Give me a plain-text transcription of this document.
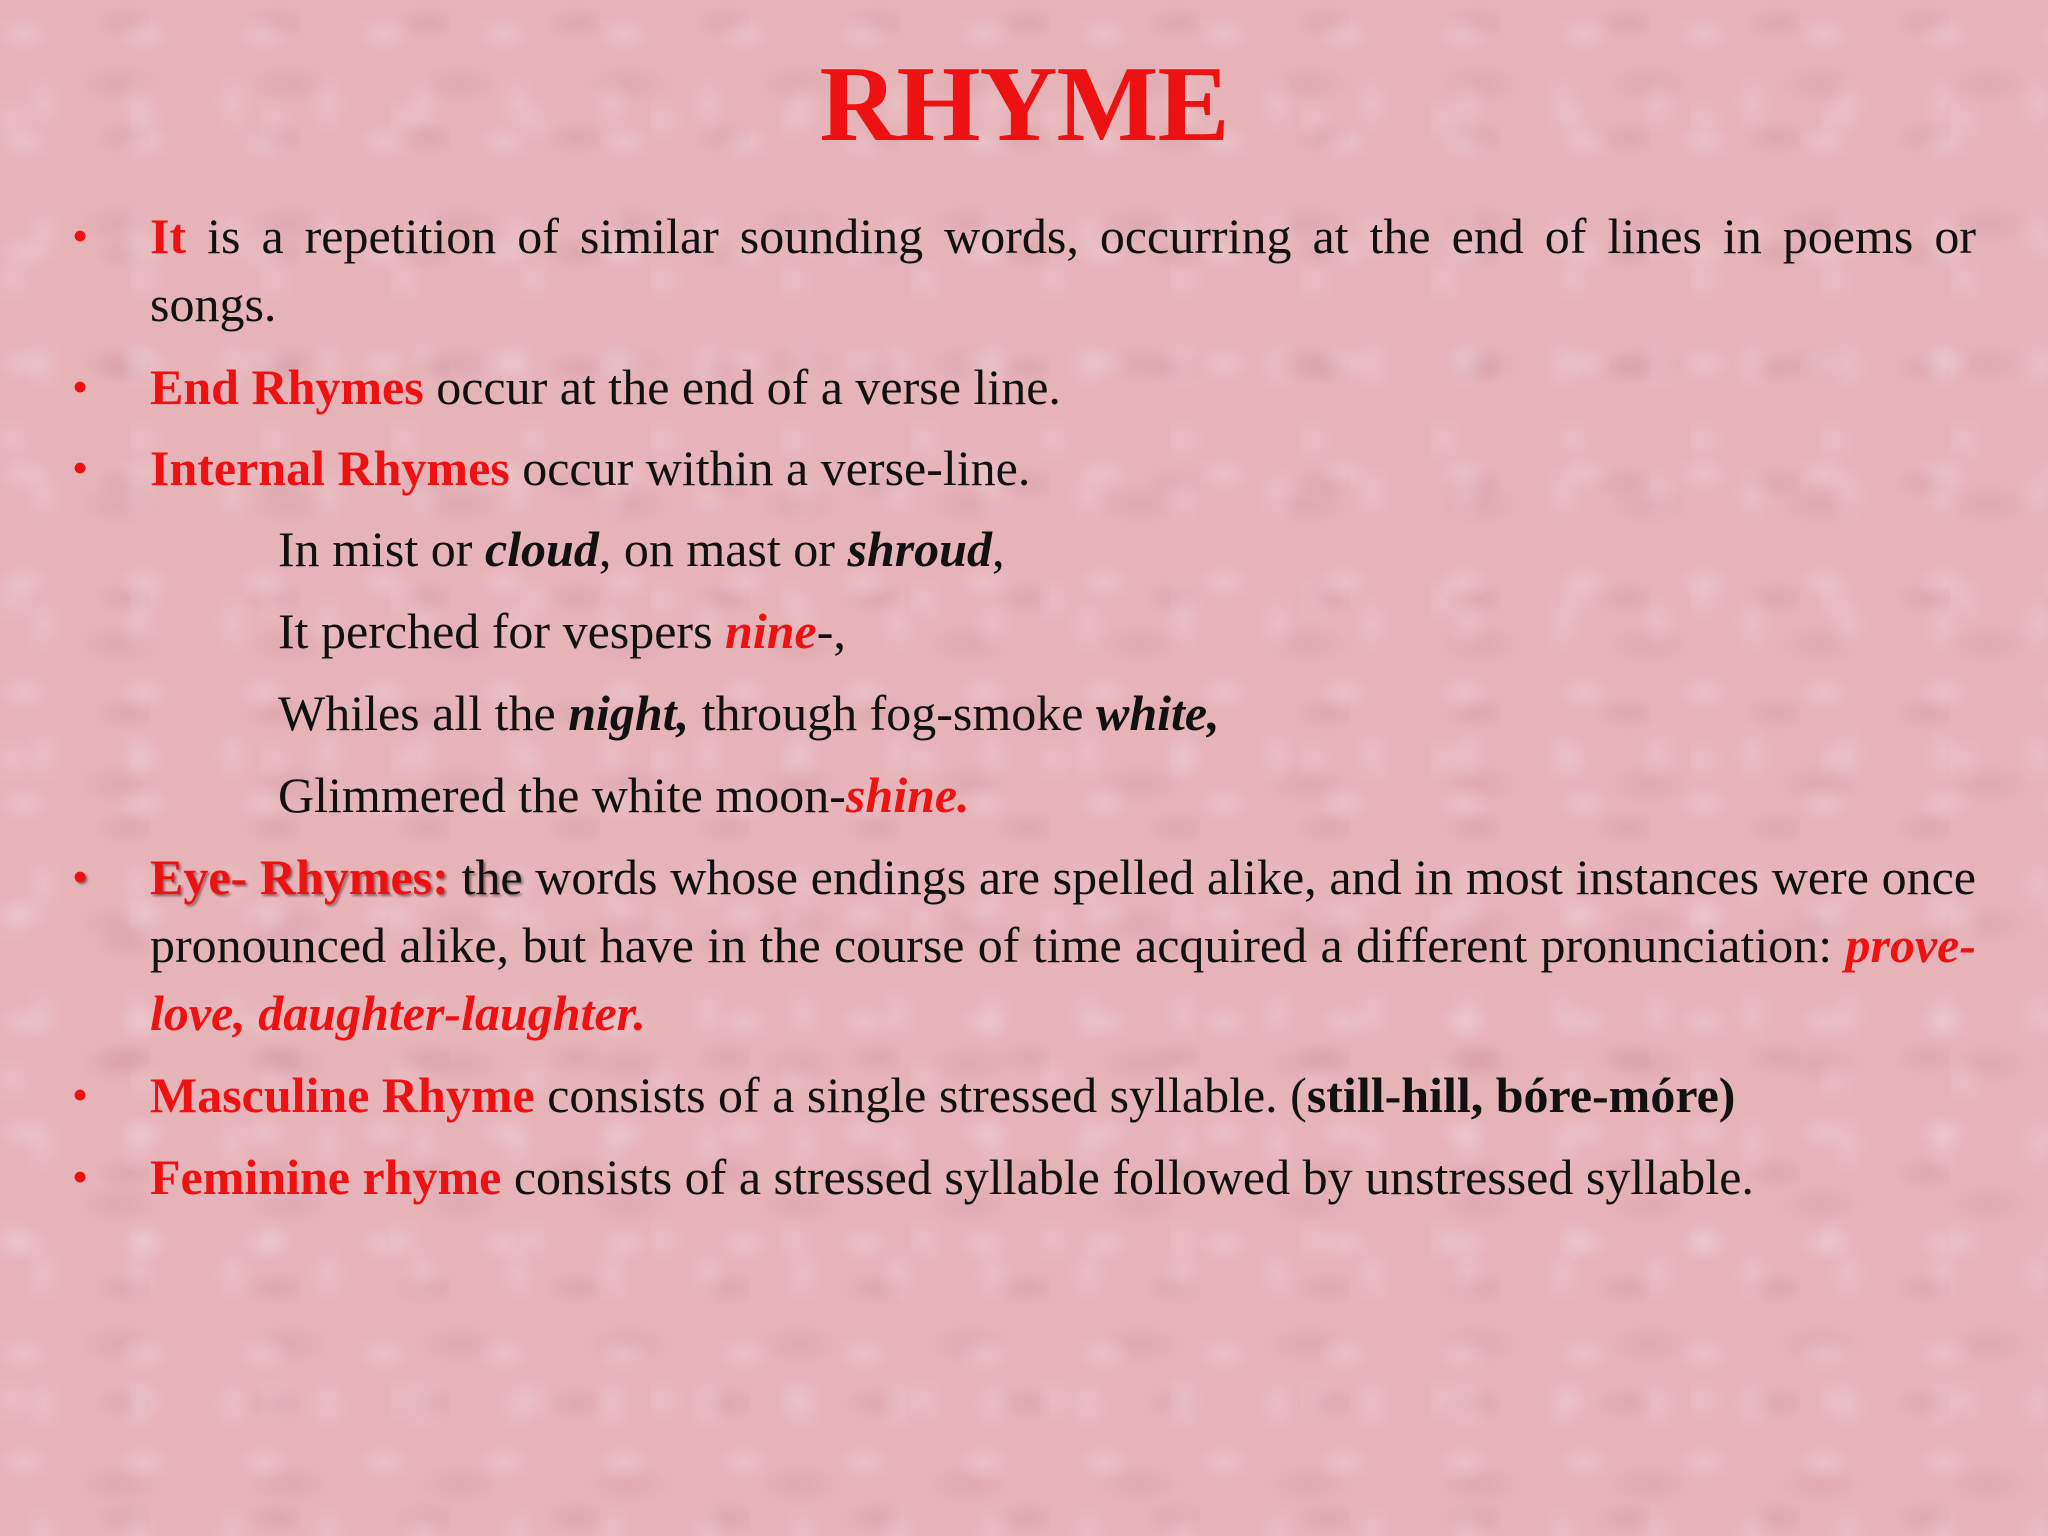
RHYME
• It is a repetition of similar sounding words, occurring at the end of lines in poems or songs.
• End Rhymes occur at the end of a verse line.
• Internal Rhymes occur within a verse-line.
In mist or cloud, on mast or shroud,
It perched for vespers nine-,
Whiles all the night, through fog-smoke white,
Glimmered the white moon-shine.
• Eye- Rhymes: the words whose endings are spelled alike, and in most instances were once pronounced alike, but have in the course of time acquired a different pronunciation: prove-love, daughter-laughter.
• Masculine Rhyme consists of a single stressed syllable. (still-hill, bóre-móre)
• Feminine rhyme consists of a stressed syllable followed by unstressed syllable.
